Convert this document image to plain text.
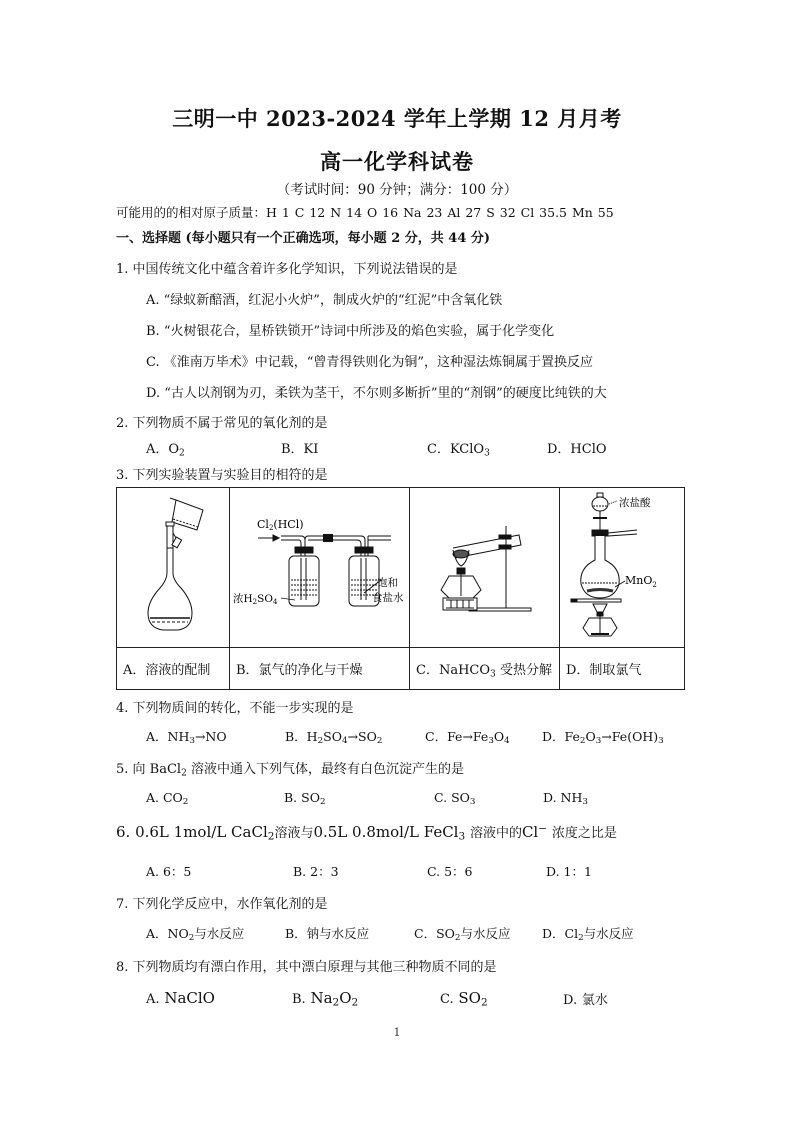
三明一中 2023-2024 学年上学期 12 月月考
高一化学科试卷
（考试时间：90 分钟；满分：100 分）
可能用的的相对原子质量：H 1 C 12 N 14 O 16 Na 23 Al 27 S 32 Cl 35.5 Mn 55
一、选择题 (每小题只有一个正确选项，每小题 2 分，共 44 分)
1. 中国传统文化中蕴含着许多化学知识，下列说法错误的是
A. “绿蚁新醅酒，红泥小火炉”，制成火炉的“红泥”中含氧化铁
B. “火树银花合，星桥铁锁开”诗词中所涉及的焰色实验，属于化学变化
C. 《淮南万毕术》中记载，“曾青得铁则化为铜”，这种湿法炼铜属于置换反应
D. “古人以剂钢为刃，柔铁为茎干，不尔则多断折”里的“剂钢”的硬度比纯铁的大
2. 下列物质不属于常见的氧化剂的是
A．$O_2$	B．KI	C．KClO$_3$	D．HClO
3. 下列实验装置与实验目的相符的是

Cl2(HCl)
浓H2SO4
饱和
食盐水		浓盐酸
MnO$_2$

A．溶液的配制	B．氯气的净化与干燥	C．NaHCO$_3$ 受热分解	D．制取氯气
4. 下列物质间的转化，不能一步实现的是
A．$NH_3\to NO$	B．$H_2SO_4\to SO_2$	C．$Fe\to Fe_3O_4$	D．$Fe_2O_3\to Fe(OH)_3$
5. 向 BaCl$_2$ 溶液中通入下列气体，最终有白色沉淀产生的是
A. $CO_2$	B. $SO_2$	C. $SO_3$	D. $NH_3$
6. 0.6L 1mol/L CaCl$_2$溶液与0.5L 0.8mol/L FeCl$_3$ 溶液中的Cl− 浓度之比是
A. 6：5	B. 2：3	C. 5：6	D. 1：1
7. 下列化学反应中，水作氧化剂的是
A．$NO_2$与水反应	B．钠与水反应	C．$SO_2$与水反应	D．$Cl_2$与水反应
8. 下列物质均有漂白作用，其中漂白原理与其他三种物质不同的是
A. NaClO	B. $Na_2O_2$	C. $SO_2$	D. 氯水
1
